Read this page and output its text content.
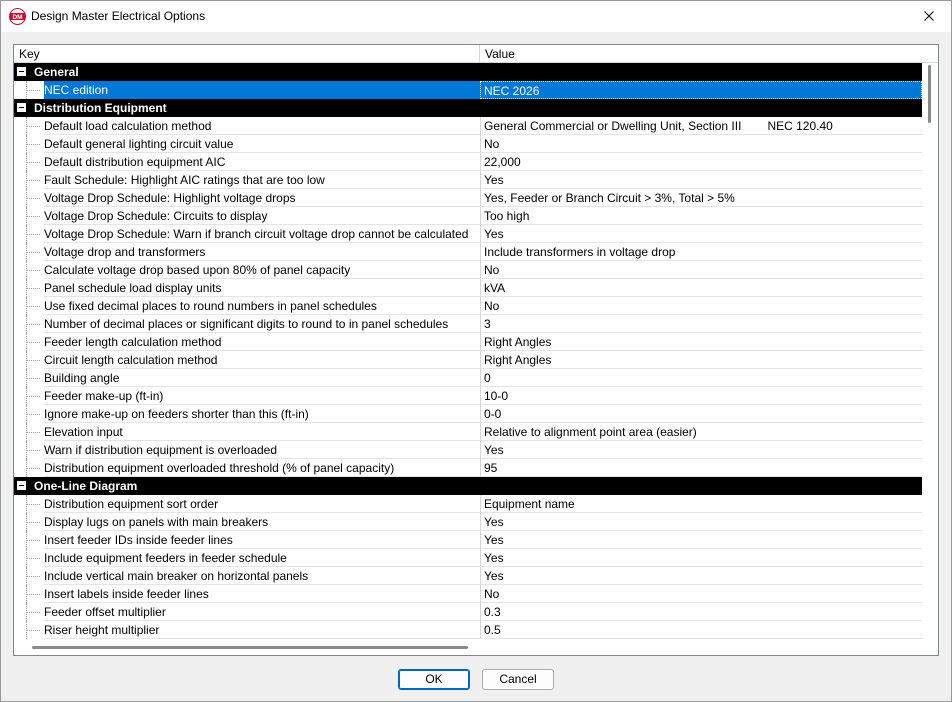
DM Design Master Electrical Options
Key	Value
General
NEC edition	NEC 2026
Distribution Equipment
Default load calculation method	General Commercial or Dwelling Unit, Section III NEC 120.40
Default general lighting circuit value	No
Default distribution equipment AIC	22,000
Fault Schedule: Highlight AIC ratings that are too low	Yes
Voltage Drop Schedule: Highlight voltage drops	Yes, Feeder or Branch Circuit > 3%, Total > 5%
Voltage Drop Schedule: Circuits to display	Too high
Voltage Drop Schedule: Warn if branch circuit voltage drop cannot be calculated	Yes
Voltage drop and transformers	Include transformers in voltage drop
Calculate voltage drop based upon 80% of panel capacity	No
Panel schedule load display units	kVA
Use fixed decimal places to round numbers in panel schedules	No
Number of decimal places or significant digits to round to in panel schedules	3
Feeder length calculation method	Right Angles
Circuit length calculation method	Right Angles
Building angle	0
Feeder make-up (ft-in)	10-0
Ignore make-up on feeders shorter than this (ft-in)	0-0
Elevation input	Relative to alignment point area (easier)
Warn if distribution equipment is overloaded	Yes
Distribution equipment overloaded threshold (% of panel capacity)	95
One-Line Diagram
Distribution equipment sort order	Equipment name
Display lugs on panels with main breakers	Yes
Insert feeder IDs inside feeder lines	Yes
Include equipment feeders in feeder schedule	Yes
Include vertical main breaker on horizontal panels	Yes
Insert labels inside feeder lines	No
Feeder offset multiplier	0.3
Riser height multiplier	0.5
OK	Cancel
